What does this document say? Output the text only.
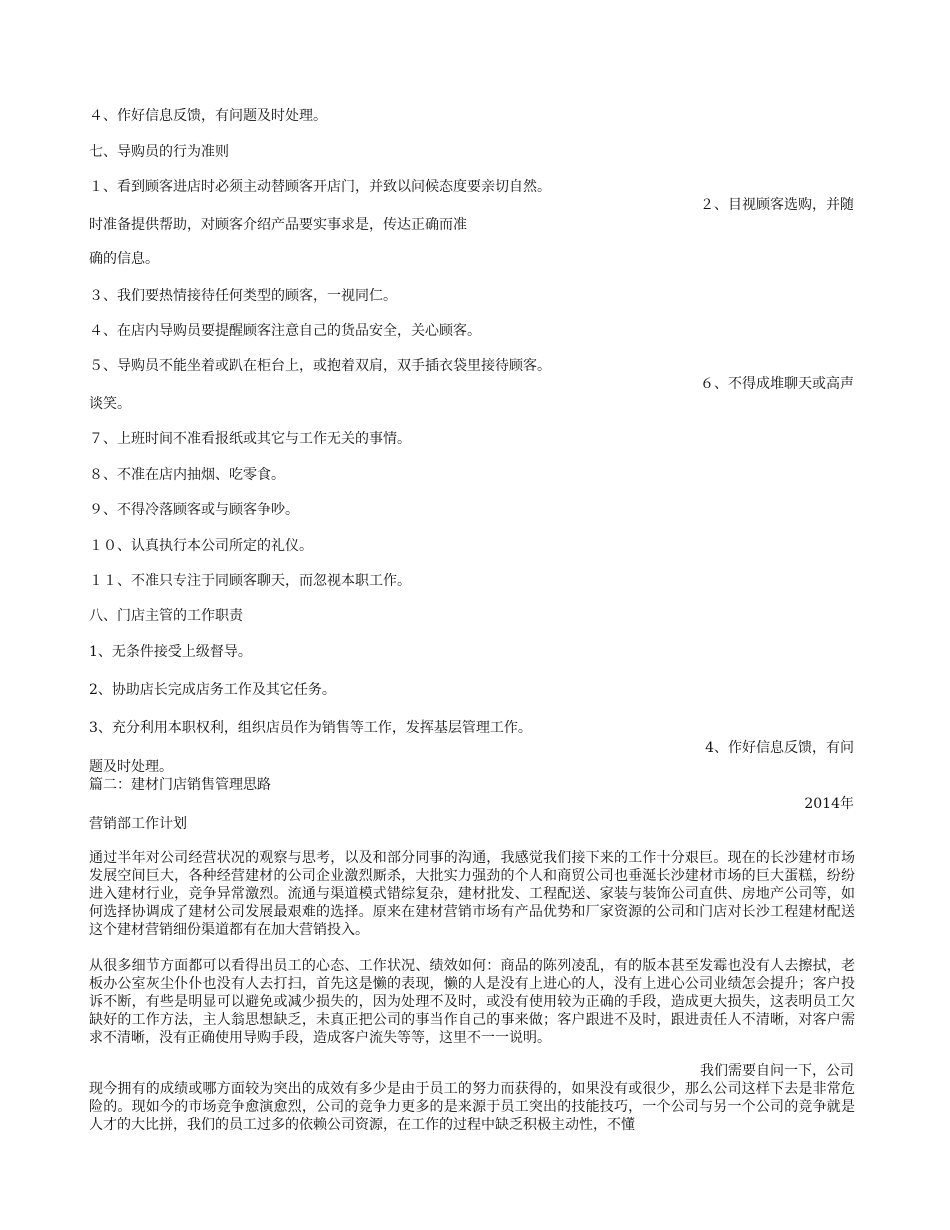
４、作好信息反馈，有问题及时处理。
七、导购员的行为准则
１、看到顾客进店时必须主动替顾客开店门，并致以问候态度要亲切自然。
２、目视顾客选购，并随
时准备提供帮助，对顾客介绍产品要实事求是，传达正确而准
确的信息。
３、我们要热情接待任何类型的顾客，一视同仁。
４、在店内导购员要提醒顾客注意自己的货品安全，关心顾客。
５、导购员不能坐着或趴在柜台上，或抱着双肩，双手插衣袋里接待顾客。
６、不得成堆聊天或高声
谈笑。
７、上班时间不准看报纸或其它与工作无关的事情。
８、不准在店内抽烟、吃零食。
９、不得冷落顾客或与顾客争吵。
１０、认真执行本公司所定的礼仪。
１１、不准只专注于同顾客聊天，而忽视本职工作。
八、门店主管的工作职责
1、无条件接受上级督导。
2、协助店长完成店务工作及其它任务。
3、充分利用本职权利，组织店员作为销售等工作，发挥基层管理工作。
4、作好信息反馈，有问
题及时处理。
篇二：建材门店销售管理思路
2014年
营销部工作计划
通过半年对公司经营状况的观察与思考，以及和部分同事的沟通，我感觉我们接下来的工作十分艰巨。现在的长沙建材市场发展空间巨大，各种经营建材的公司企业激烈厮杀，大批实力强劲的个人和商贸公司也垂涎长沙建材市场的巨大蛋糕，纷纷进入建材行业，竞争异常激烈。流通与渠道模式错综复杂，建材批发、工程配送、家装与装饰公司直供、房地产公司等，如何选择协调成了建材公司发展最艰难的选择。原来在建材营销市场有产品优势和厂家资源的公司和门店对长沙工程建材配送这个建材营销细份渠道都有在加大营销投入。
从很多细节方面都可以看得出员工的心态、工作状况、绩效如何：商品的陈列凌乱，有的版本甚至发霉也没有人去擦拭，老板办公室灰尘仆仆也没有人去打扫，首先这是懒的表现，懒的人是没有上进心的人，没有上进心公司业绩怎会提升；客户投诉不断，有些是明显可以避免或减少损失的，因为处理不及时，或没有使用较为正确的手段，造成更大损失，这表明员工欠缺好的工作方法，主人翁思想缺乏，未真正把公司的事当作自己的事来做；客户跟进不及时，跟进责任人不清晰，对客户需求不清晰，没有正确使用导购手段，造成客户流失等等，这里不一一说明。
我们需要自问一下，公司
现今拥有的成绩或哪方面较为突出的成效有多少是由于员工的努力而获得的，如果没有或很少，那么公司这样下去是非常危险的。现如今的市场竞争愈演愈烈，公司的竞争力更多的是来源于员工突出的技能技巧，一个公司与另一个公司的竞争就是人才的大比拼，我们的员工过多的依赖公司资源，在工作的过程中缺乏积极主动性，不懂
